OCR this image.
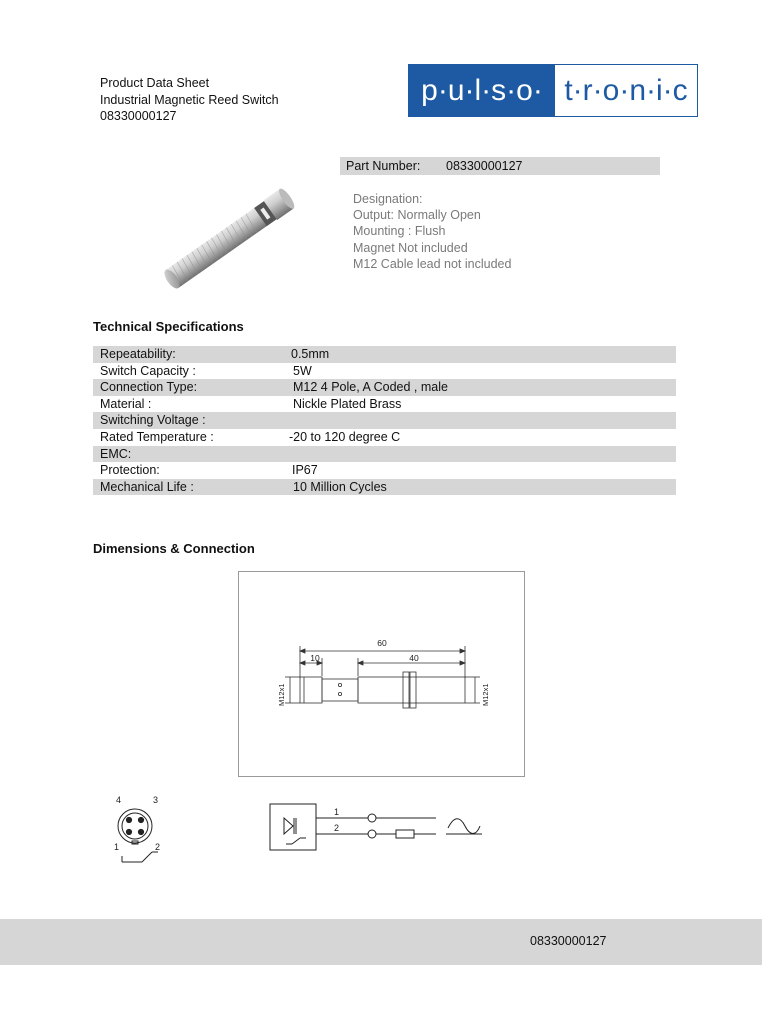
Product Data Sheet
Industrial Magnetic Reed Switch
08330000127
p·u·l·s·o· t·r·o·n·i·c
Part Number: 08330000127
Designation:
Output: Normally Open
Mounting : Flush
Magnet Not included
M12 Cable lead not included
Technical Specifications
Repeatability:	0.5mm
Switch Capacity :	5W
Connection Type:	M12 4 Pole, A Coded , male
Material :	Nickle Plated Brass
Switching Voltage :
Rated Temperature :	-20 to 120 degree C
EMC:
Protection:	IP67
Mechanical Life :	10 Million Cycles
Dimensions & Connection
60
10	40
M12x1	M12x1
4	3
1	2
1
2
08330000127
